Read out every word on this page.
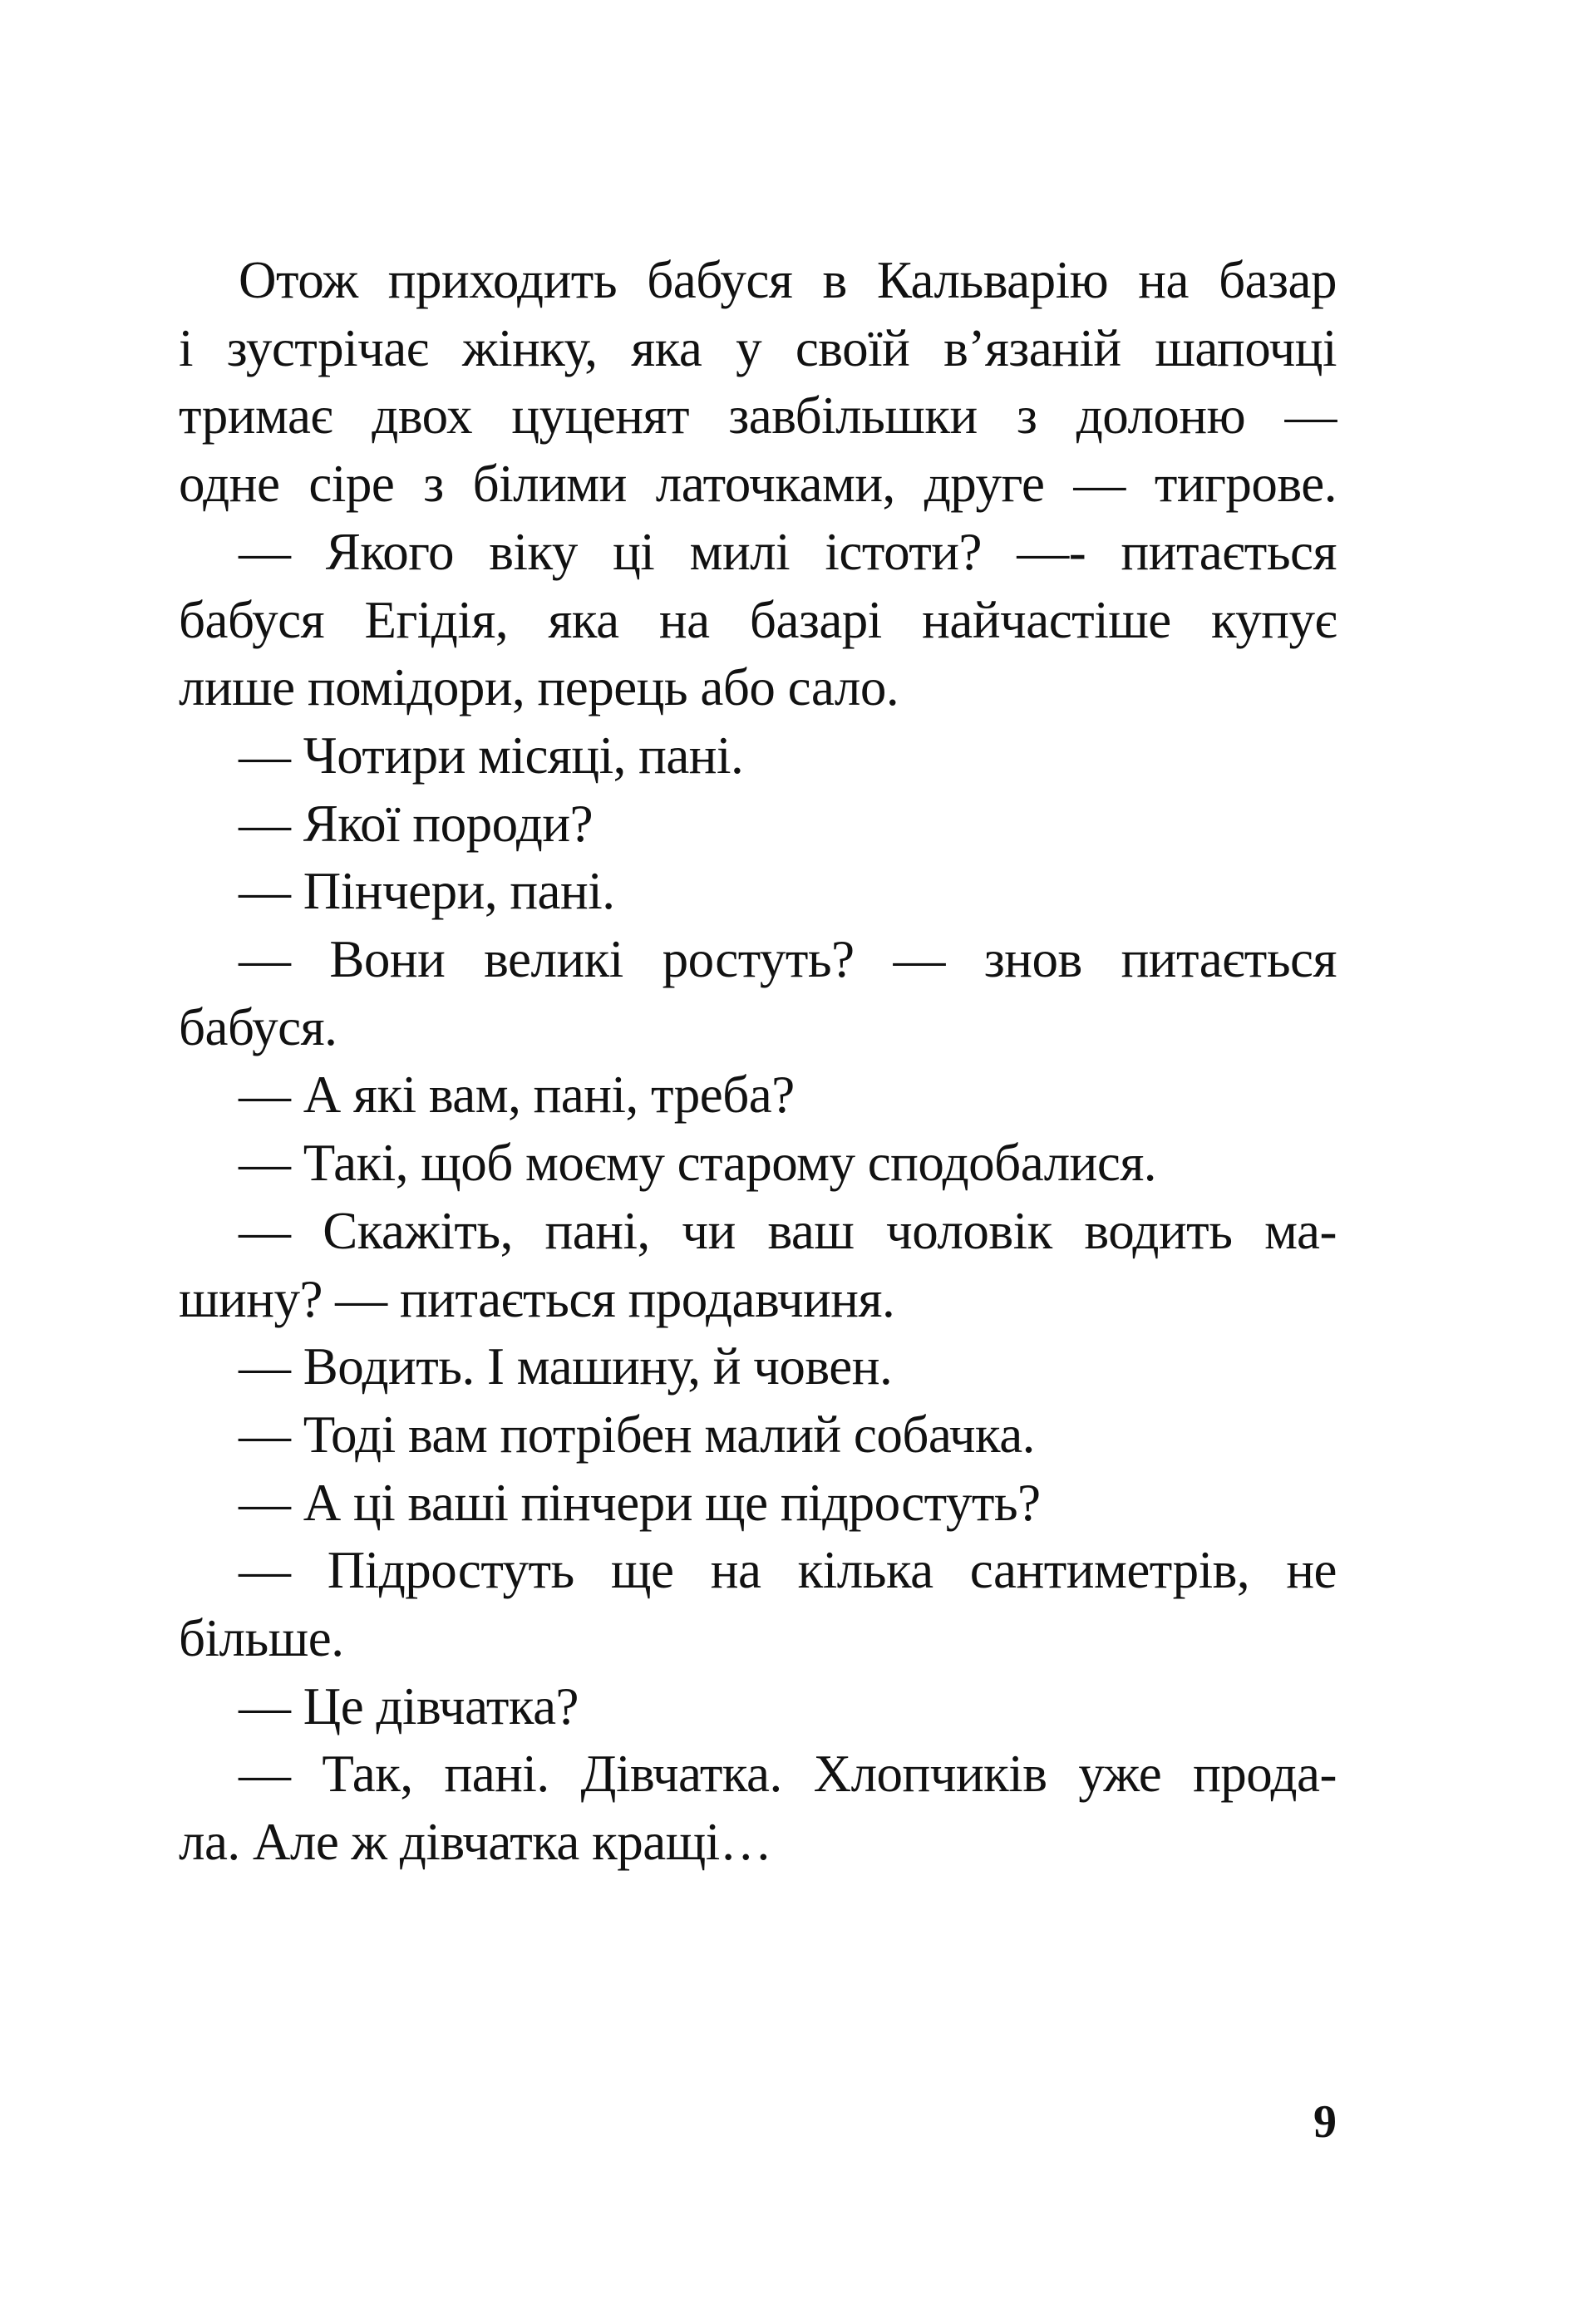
Отож приходить бабуся в Кальварію на базар
і зустрічає жінку, яка у своїй в’язаній шапочці
тримає двох цуценят завбільшки з долоню —
одне сіре з білими латочками, друге — тигрове.
— Якого віку ці милі істоти? —- питається
бабуся Егідія, яка на базарі найчастіше купує
лише помідори, перець або сало.
— Чотири місяці, пані.
— Якої породи?
— Пінчери, пані.
— Вони великі ростуть? — знов питається
бабуся.
— А які вам, пані, треба?
— Такі, щоб моєму старому сподобалися.
— Скажіть, пані, чи ваш чоловік водить ма-
шину? — питається продавчиня.
— Водить. І машину, й човен.
— Тоді вам потрібен малий собачка.
— А ці ваші пінчери ще підростуть?
— Підростуть ще на кілька сантиметрів, не
більше.
— Це дівчатка?
— Так, пані. Дівчатка. Хлопчиків уже прода-
ла. Але ж дівчатка кращі…
9
